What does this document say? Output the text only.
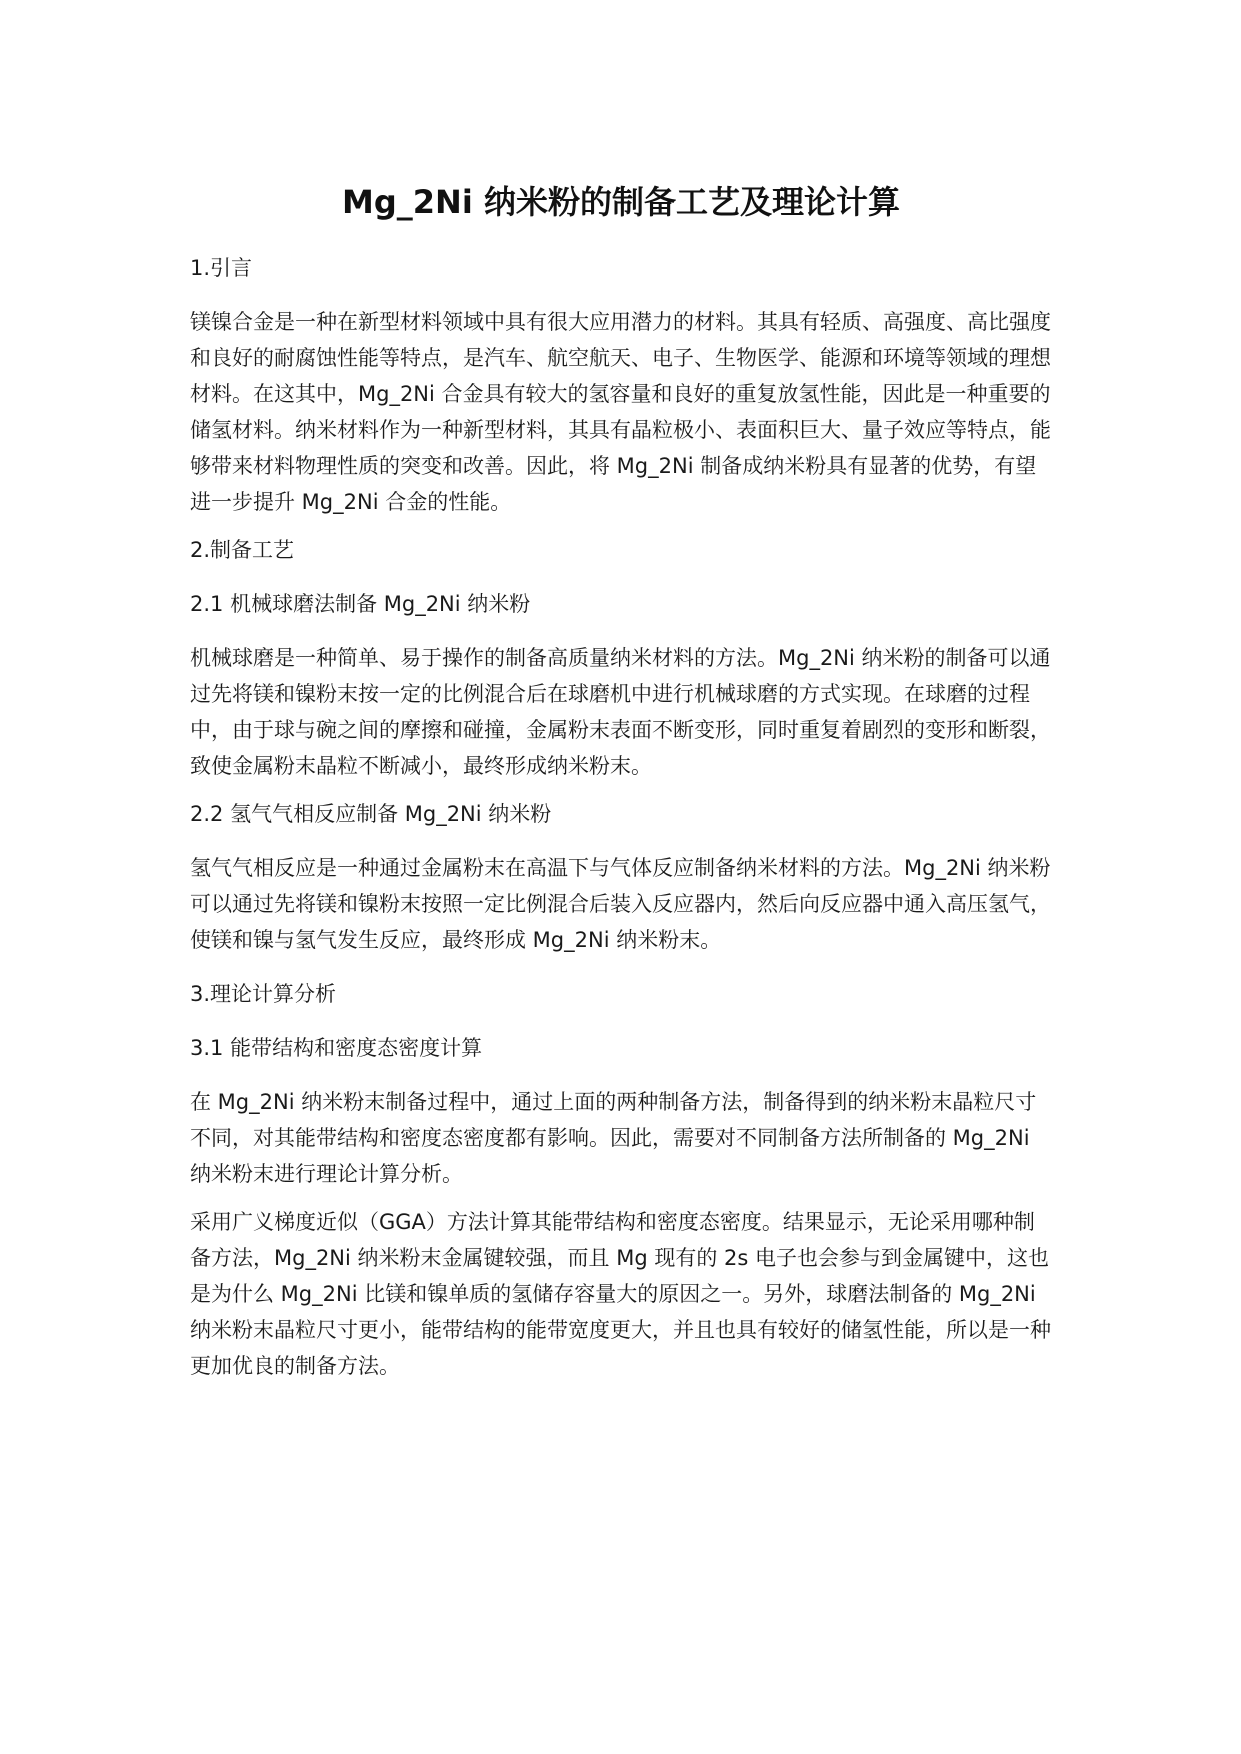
Mg_2Ni 纳米粉的制备工艺及理论计算
1.引言

镁镍合金是一种在新型材料领域中具有很大应用潜力的材料。其具有轻质、高强度、高比强度和良好的耐腐蚀性能等特点，是汽车、航空航天、电子、生物医学、能源和环境等领域的理想材料。在这其中，Mg_2Ni 合金具有较大的氢容量和良好的重复放氢性能，因此是一种重要的储氢材料。纳米材料作为一种新型材料，其具有晶粒极小、表面积巨大、量子效应等特点，能够带来材料物理性质的突变和改善。因此，将 Mg_2Ni 制备成纳米粉具有显著的优势，有望进一步提升 Mg_2Ni 合金的性能。

2.制备工艺
2.1 机械球磨法制备 Mg_2Ni 纳米粉

机械球磨是一种简单、易于操作的制备高质量纳米材料的方法。Mg_2Ni 纳米粉的制备可以通过先将镁和镍粉末按一定的比例混合后在球磨机中进行机械球磨的方式实现。在球磨的过程中，由于球与碗之间的摩擦和碰撞，金属粉末表面不断变形，同时重复着剧烈的变形和断裂，致使金属粉末晶粒不断减小，最终形成纳米粉末。

2.2 氢气气相反应制备 Mg_2Ni 纳米粉

氢气气相反应是一种通过金属粉末在高温下与气体反应制备纳米材料的方法。Mg_2Ni 纳米粉可以通过先将镁和镍粉末按照一定比例混合后装入反应器内，然后向反应器中通入高压氢气，使镁和镍与氢气发生反应，最终形成 Mg_2Ni 纳米粉末。

3.理论计算分析
3.1 能带结构和密度态密度计算

在 Mg_2Ni 纳米粉末制备过程中，通过上面的两种制备方法，制备得到的纳米粉末晶粒尺寸不同，对其能带结构和密度态密度都有影响。因此，需要对不同制备方法所制备的 Mg_2Ni 纳米粉末进行理论计算分析。

采用广义梯度近似（GGA）方法计算其能带结构和密度态密度。结果显示，无论采用哪种制备方法，Mg_2Ni 纳米粉末金属键较强，而且 Mg 现有的 2s 电子也会参与到金属键中，这也是为什么 Mg_2Ni 比镁和镍单质的氢储存容量大的原因之一。另外，球磨法制备的 Mg_2Ni 纳米粉末晶粒尺寸更小，能带结构的能带宽度更大，并且也具有较好的储氢性能，所以是一种更加优良的制备方法。
